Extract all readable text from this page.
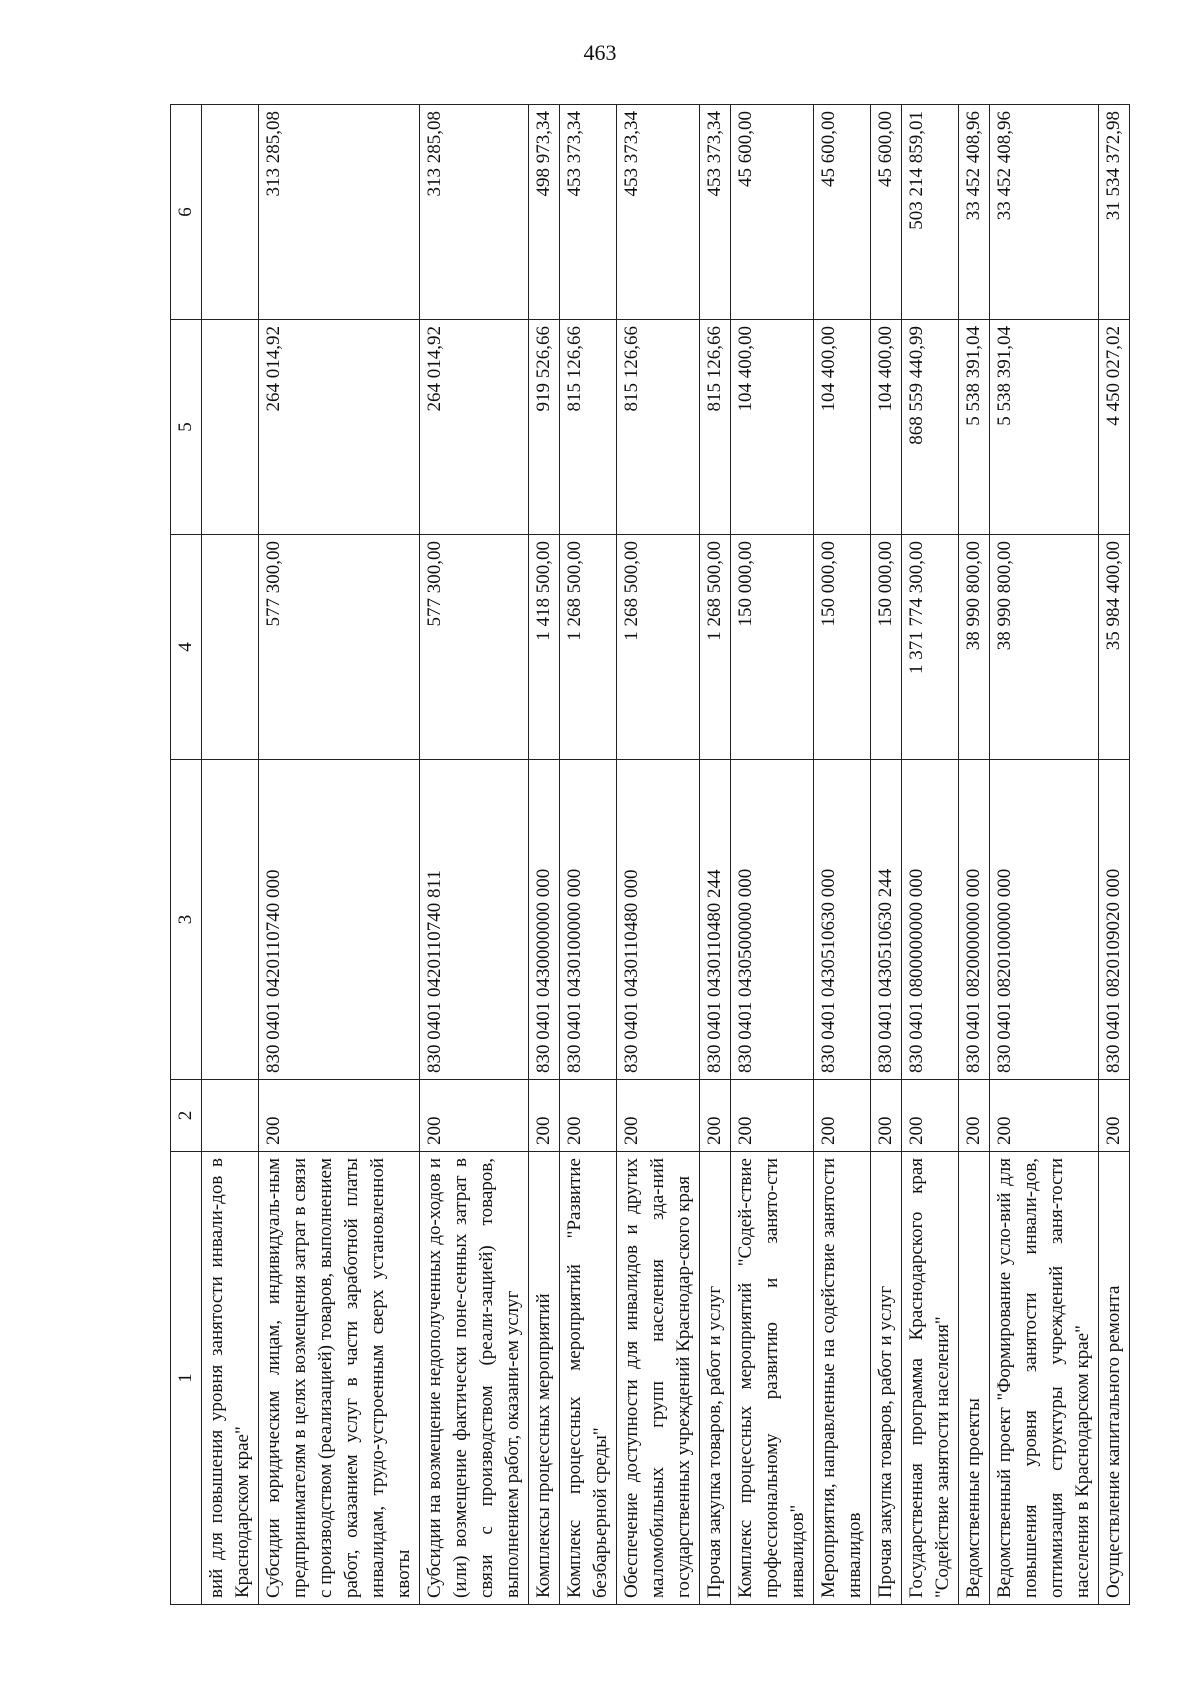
463
1	2	3	4	5	6
вий для повышения уровня занятости инвали-дов в Краснодарском крае"					
Субсидии юридическим лицам, индивидуаль-ным предпринимателям в целях возмещения затрат в связи с производством (реализацией) товаров, выполнением работ, оказанием услуг в части заработной платы инвалидам, трудо-устроенным сверх установленной квоты	200	830 0401 0420110740 000	577 300,00	264 014,92	313 285,08
Субсидии на возмещение недополученных до-ходов и (или) возмещение фактически поне-сенных затрат в связи с производством (реали-зацией) товаров, выполнением работ, оказани-ем услуг	200	830 0401 0420110740 811	577 300,00	264 014,92	313 285,08
Комплексы процессных мероприятий	200	830 0401 0430000000 000	1 418 500,00	919 526,66	498 973,34
Комплекс процессных мероприятий "Развитие безбарьерной среды"	200	830 0401 0430100000 000	1 268 500,00	815 126,66	453 373,34
Обеспечение доступности для инвалидов и других маломобильных групп населения зда-ний государственных учреждений Краснодар-ского края	200	830 0401 0430110480 000	1 268 500,00	815 126,66	453 373,34
Прочая закупка товаров, работ и услуг	200	830 0401 0430110480 244	1 268 500,00	815 126,66	453 373,34
Комплекс процессных мероприятий "Содей-ствие профессиональному развитию и занято-сти инвалидов"	200	830 0401 0430500000 000	150 000,00	104 400,00	45 600,00
Мероприятия, направленные на содействие занятости инвалидов	200	830 0401 0430510630 000	150 000,00	104 400,00	45 600,00
Прочая закупка товаров, работ и услуг	200	830 0401 0430510630 244	150 000,00	104 400,00	45 600,00
Государственная программа Краснодарского края "Содействие занятости населения"	200	830 0401 0800000000 000	1 371 774 300,00	868 559 440,99	503 214 859,01
Ведомственные проекты	200	830 0401 0820000000 000	38 990 800,00	5 538 391,04	33 452 408,96
Ведомственный проект "Формирование усло-вий для повышения уровня занятости инвали-дов, оптимизация структуры учреждений заня-тости населения в Краснодарском крае"	200	830 0401 0820100000 000	38 990 800,00	5 538 391,04	33 452 408,96
Осуществление капитального ремонта	200	830 0401 0820109020 000	35 984 400,00	4 450 027,02	31 534 372,98
